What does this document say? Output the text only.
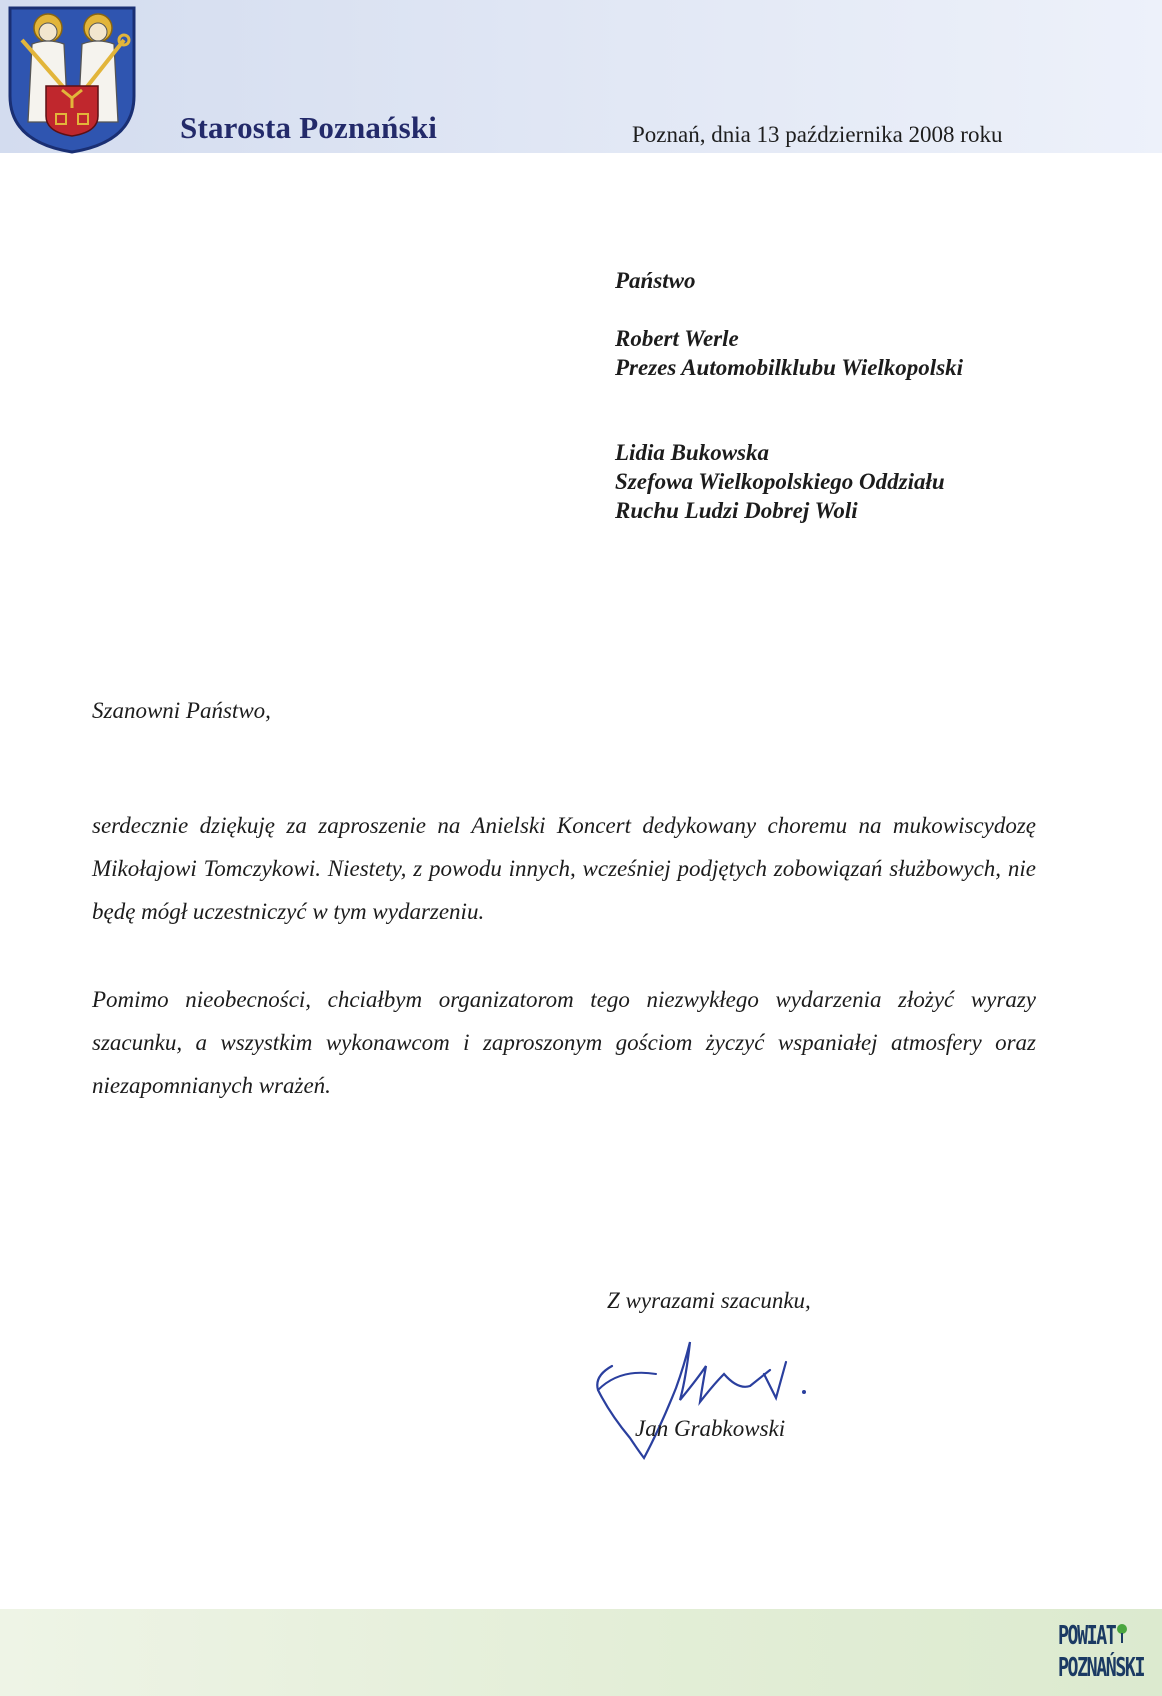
Starosta Poznański	Poznań, dnia 13 października 2008 roku
Państwo
Robert Werle
Prezes Automobilklubu Wielkopolski
Lidia Bukowska
Szefowa Wielkopolskiego Oddziału
Ruchu Ludzi Dobrej Woli
Szanowni Państwo,
serdecznie dziękuję za zaproszenie na Anielski Koncert dedykowany choremu na mukowiscydozę Mikołajowi Tomczykowi. Niestety, z powodu innych, wcześniej podjętych zobowiązań służbowych, nie będę mógł uczestniczyć w tym wydarzeniu.
Pomimo nieobecności, chciałbym organizatorom tego niezwykłego wydarzenia złożyć wyrazy szacunku, a wszystkim wykonawcom i zaproszonym gościom życzyć wspaniałej atmosfery oraz niezapomnianych wrażeń.
Z wyrazami szacunku,
Jan Grabkowski
POWIAT
POZNAŃSKI
